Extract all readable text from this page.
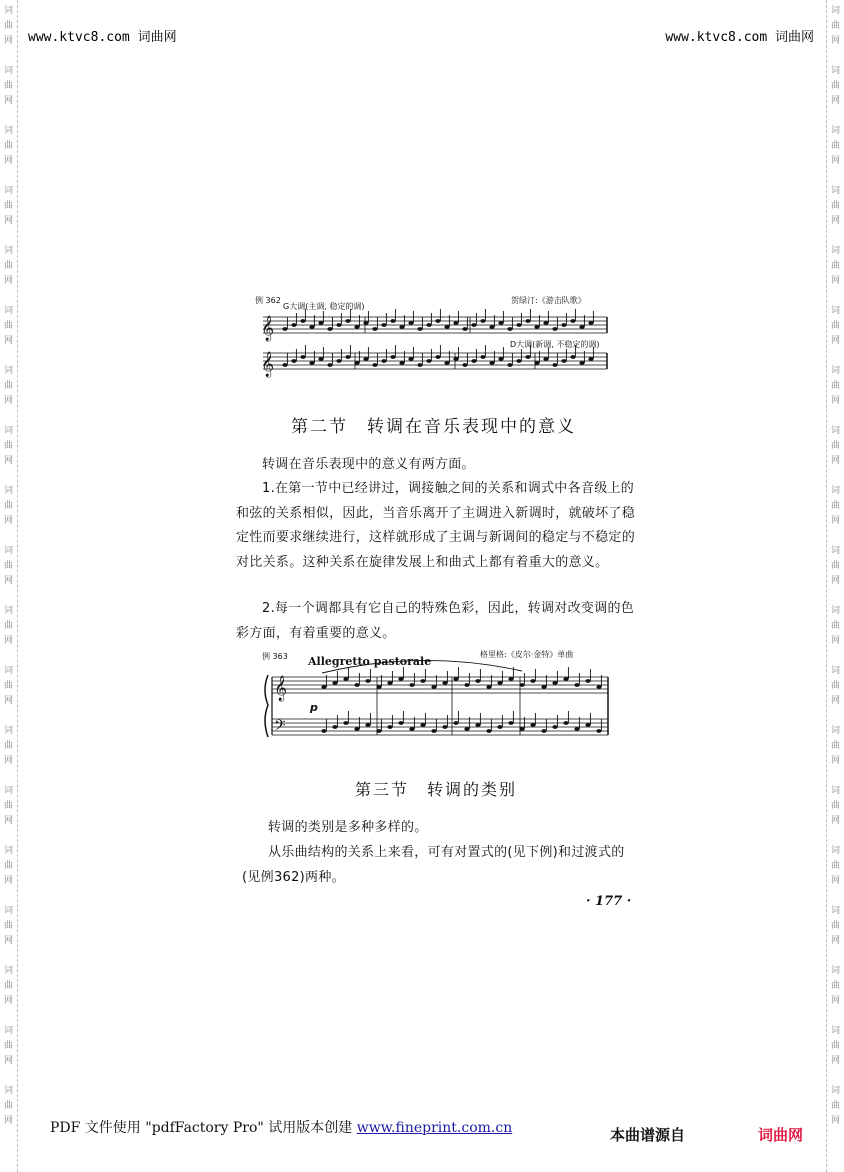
词
曲
网
词
曲
网
词
曲
网
词
曲
网
词
曲
网
词
曲
网
词
曲
网
词
曲
网
词
曲
网
词
曲
网
词
曲
网
词
曲
网
词
曲
网
词
曲
网
词
曲
网
词
曲
网
词
曲
网
词
曲
网
词
曲
网
词
曲
网
词
曲
网
词
曲
网
词
曲
网
词
曲
网
词
曲
网
词
曲
网
词
曲
网
词
曲
网
词
曲
网
词
曲
网
词
曲
网
词
曲
网
词
曲
网
词
曲
网
词
曲
网
词
曲
网
词
曲
网
词
曲
网
www.ktvc8.com 词曲网	www.ktvc8.com 词曲网
例 362
G大调(主调, 稳定的调)
贺绿汀:《游击队歌》
D大调(新调, 不稳定的调)
𝄞
𝄞
第二节　转调在音乐表现中的意义
转调在音乐表现中的意义有两方面。
1.在第一节中已经讲过，调接触之间的关系和调式中各音级上的和弦的关系相似，因此，当音乐离开了主调进入新调时，就破坏了稳定性而要求继续进行，这样就形成了主调与新调间的稳定与不稳定的对比关系。这种关系在旋律发展上和曲式上都有着重大的意义。
2.每一个调都具有它自己的特殊色彩，因此，转调对改变调的色彩方面，有着重要的意义。
例 363 Allegretto pastorale
格里格:《皮尔·金特》单曲
p
𝄞
𝄢
第三节　转调的类别
转调的类别是多种多样的。
从乐曲结构的关系上来看，可有对置式的(见下例)和过渡式的(见例362)两种。
· 177 ·
PDF 文件使用 "pdfFactory Pro" 试用版本创建 www.fineprint.com.cn	本曲谱源自	词曲网
